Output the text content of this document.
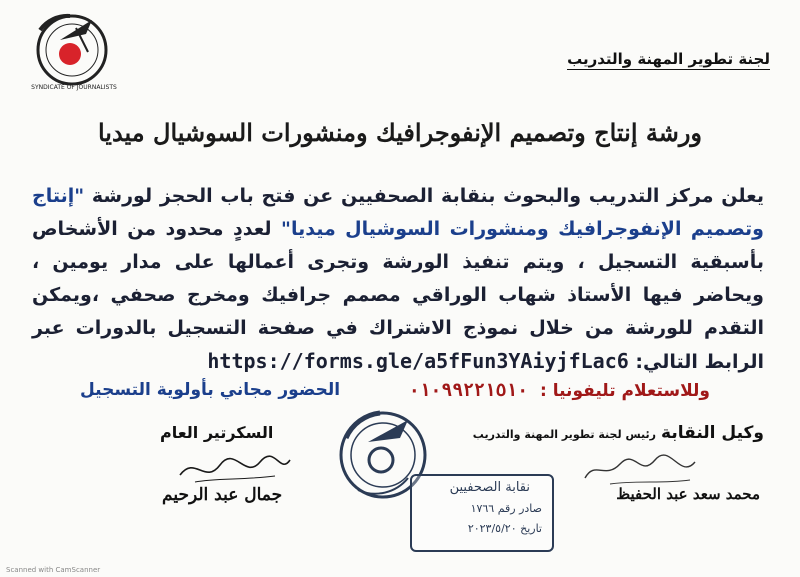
SYNDICATE OF JOURNALISTS
لجنة تطوير المهنة والتدريب
ورشة إنتاج وتصميم الإنفوجرافيك ومنشورات السوشيال ميديا
يعلن مركز التدريب والبحوث بنقابة الصحفيين عن فتح باب الحجز لورشة "إنتاج وتصميم الإنفوجرافيك ومنشورات السوشيال ميديا" لعددٍ محدود من الأشخاص بأسبقية التسجيل ، ويتم تنفيذ الورشة وتجرى أعمالها على مدار يومين ، ويحاضر فيها الأستاذ شهاب الوراقي مصمم جرافيك ومخرج صحفي ،ويمكن التقدم للورشة من خلال نموذج الاشتراك في صفحة التسجيل بالدورات عبر الرابط التالي: https://forms.gle/a5fFun3YAiyjfLac6
وللاستعلام تليفونيا : ٠١٠٩٩٢٢١٥١٠
الحضور مجاني بأولوية التسجيل
وكيل النقابة رئيس لجنة تطوير المهنة والتدريب
السكرتير العام
جمال عبد الرحيم	محمد سعد عبد الحفيظ
نقابة الصحفيين
صادر رقم ١٧٦٦
تاريخ ٢٠٢٣/٥/٢٠
Scanned with CamScanner
